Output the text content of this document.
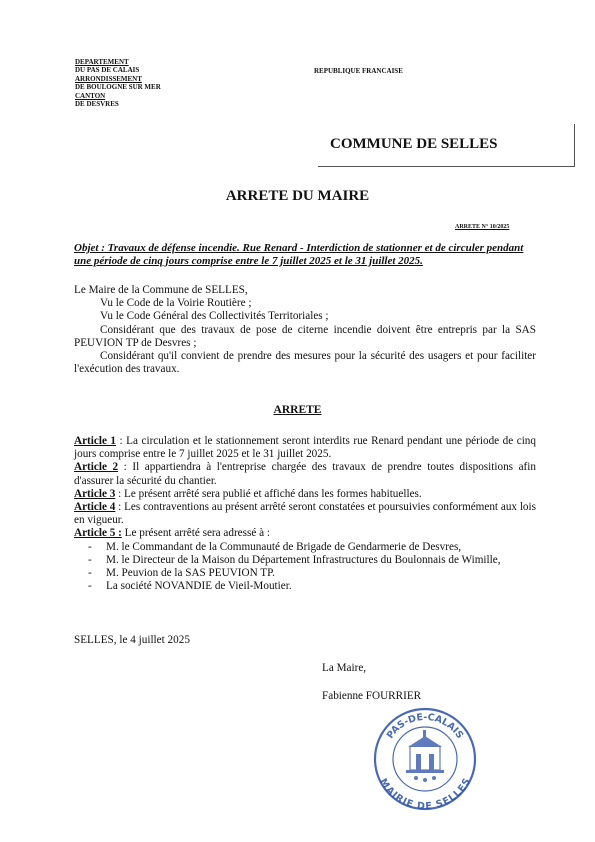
DEPARTEMENT
DU PAS DE CALAIS
ARRONDISSEMENT
DE BOULOGNE SUR MER
CANTON
DE DESVRES
REPUBLIQUE FRANCAISE
COMMUNE DE SELLES
ARRETE DU MAIRE
ARRETE N° 10/2025
Objet : Travaux de défense incendie. Rue Renard - Interdiction de stationner et de circuler pendant une période de cinq jours comprise entre le 7 juillet 2025 et le 31 juillet 2025.
Le Maire de la Commune de SELLES,
Vu le Code de la Voirie Routière ;
Vu le Code Général des Collectivités Territoriales ;
Considérant que des travaux de pose de citerne incendie doivent être entrepris par la SAS PEUVION TP de Desvres ;
Considérant qu'il convient de prendre des mesures pour la sécurité des usagers et pour faciliter l'exécution des travaux.
ARRETE
Article 1 : La circulation et le stationnement seront interdits rue Renard pendant une période de cinq jours comprise entre le 7 juillet 2025 et le 31 juillet 2025.
Article 2 : Il appartiendra à l'entreprise chargée des travaux de prendre toutes dispositions afin d'assurer la sécurité du chantier.
Article 3 : Le présent arrêté sera publié et affiché dans les formes habituelles.
Article 4 : Les contraventions au présent arrêté seront constatées et poursuivies conformément aux lois en vigueur.
Article 5 : Le présent arrêté sera adressé à :
- M. le Commandant de la Communauté de Brigade de Gendarmerie de Desvres,
- M. le Directeur de la Maison du Département Infrastructures du Boulonnais de Wimille,
- M. Peuvion de la SAS PEUVION TP.
- La société NOVANDIE de Vieil-Moutier.
SELLES, le 4 juillet 2025
La Maire,
Fabienne FOURRIER
PAS-DE-CALAIS
MAIRIE DE SELLES
